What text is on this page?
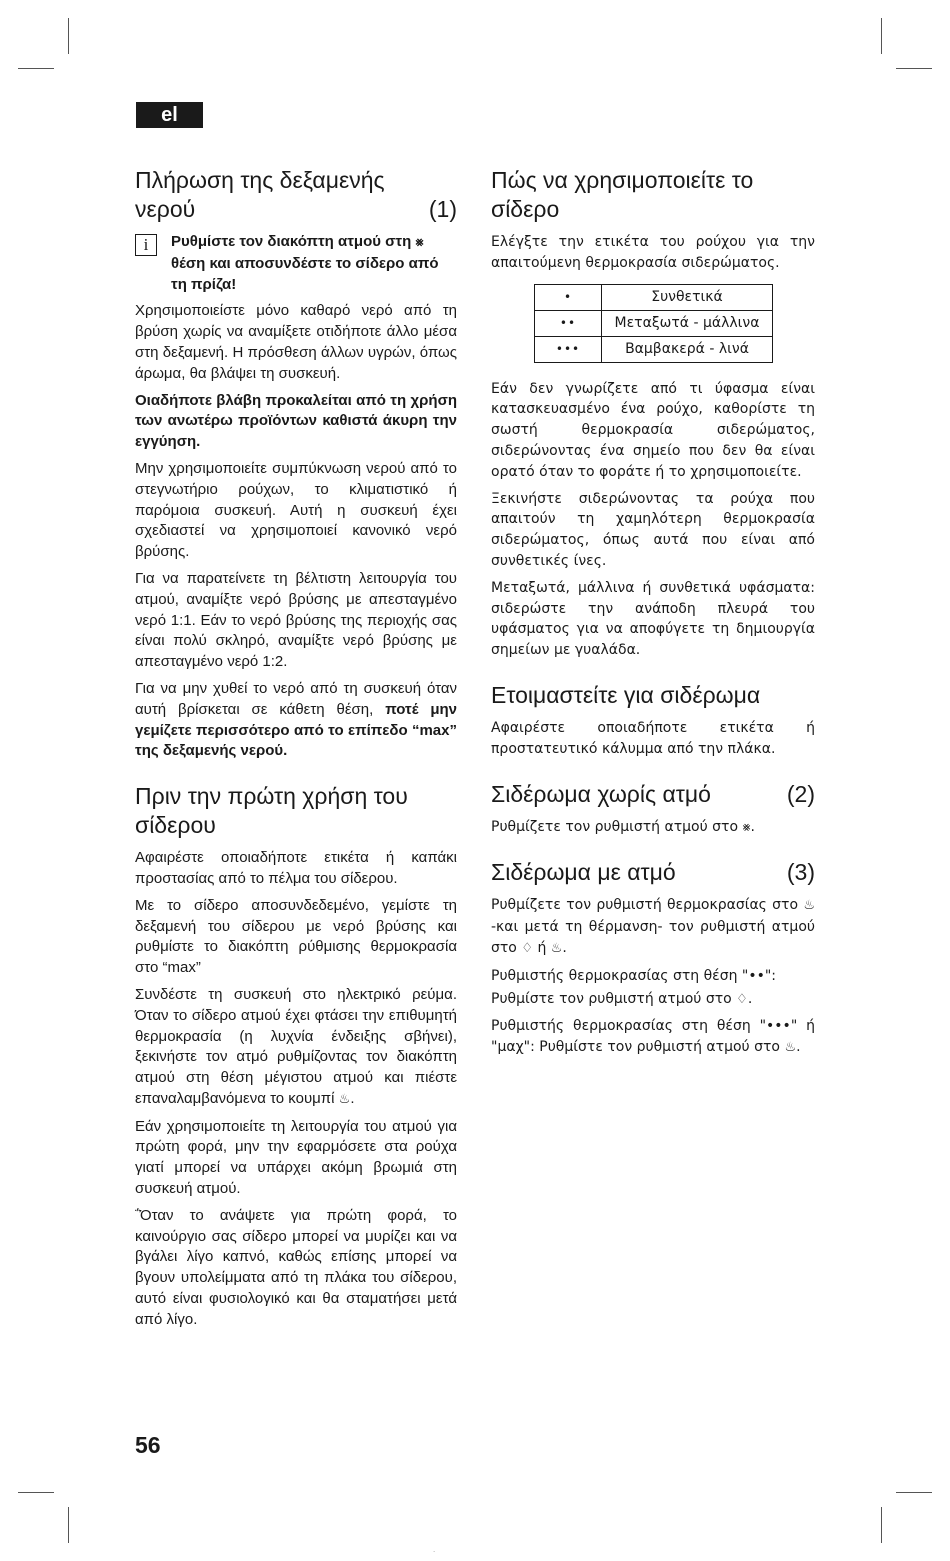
el
Πλήρωση της δεξαμενής νερού	(1)
i	Ρυθμίστε τον διακόπτη ατμού στη ⨳ θέση και αποσυνδέστε το σίδερο από τη πρίζα!

Χρησιμοποιείστε μόνο καθαρό νερό από τη βρύση χωρίς να αναμίξετε οτιδήποτε άλλο μέσα στη δεξαμενή. Η πρόσθεση άλλων υγρών, όπως άρωμα, θα βλάψει τη συσκευή.

Οιαδήποτε βλάβη προκαλείται από τη χρήση των ανωτέρω προϊόντων καθιστά άκυρη την εγγύηση.

Μην χρησιμοποιείτε συμπύκνωση νερού από το στεγνωτήριο ρούχων, το κλιματιστικό ή παρόμοια συσκευή. Αυτή η συσκευή έχει σχεδιαστεί να χρησιμοποιεί κανονικό νερό βρύσης.

Για να παρατείνετε τη βέλτιστη λειτουργία του ατμού, αναμίξτε νερό βρύσης με απεσταγμένο νερό 1:1. Εάν το νερό βρύσης της περιοχής σας είναι πολύ σκληρό, αναμίξτε νερό βρύσης με απεσταγμένο νερό 1:2.

Για να μην χυθεί το νερό από τη συσκευή όταν αυτή βρίσκεται σε κάθετη θέση, ποτέ μην γεμίζετε περισσότερο από το επίπεδο “max” της δεξαμενής νερού.

Πριν την πρώτη χρήση του σίδερου

Αφαιρέστε οποιαδήποτε ετικέτα ή καπάκι προστασίας από το πέλμα του σίδερου.

Με το σίδερο αποσυνδεδεμένο, γεμίστε τη δεξαμενή του σίδερου με νερό βρύσης και ρυθμίστε το διακόπτη ρύθμισης θερμοκρασία στο “max”

Συνδέστε τη συσκευή στο ηλεκτρικό ρεύμα. Όταν το σίδερο ατμού έχει φτάσει την επιθυμητή θερμοκρασία (η λυχνία ένδειξης σβήνει), ξεκινήστε τον ατμό ρυθμίζοντας τον διακόπτη ατμού στη θέση μέγιστου ατμού και πιέστε επαναλαμβανόμενα το κουμπί ♨.

Εάν χρησιμοποιείτε τη λειτουργία του ατμού για πρώτη φορά, μην την εφαρμόσετε στα ρούχα γιατί μπορεί να υπάρχει ακόμη βρωμιά στη συσκευή ατμού.

΅Όταν το ανάψετε για πρώτη φορά, το καινούργιο σας σίδερο μπορεί να μυρίζει και να βγάλει λίγο καπνό, καθώς επίσης μπορεί να βγουν υπολείμματα από τη πλάκα του σίδερου, αυτό είναι φυσιολογικό και θα σταματήσει μετά από λίγο.

Πώς να χρησιμοποιείτε το σίδερο

Ελέγξτε την ετικέτα του ρούχου για την απαιτούμενη θερμοκρασία σιδερώματος.

•	Συνθετικά
••	Μεταξωτά - μάλλινα
•••	Βαμβακερά - λινά

Εάν δεν γνωρίζετε από τι ύφασμα είναι κατασκευασμένο ένα ρούχο, καθορίστε τη σωστή θερμοκρασία σιδερώματος, σιδερώνοντας ένα σημείο που δεν θα είναι ορατό όταν το φοράτε ή το χρησιμοποιείτε.

Ξεκινήστε σιδερώνοντας τα ρούχα που απαιτούν τη χαμηλότερη θερμοκρασία σιδερώματος, όπως αυτά που είναι από συνθετικές ίνες.

Μεταξωτά, μάλλινα ή συνθετικά υφάσματα: σιδερώστε την ανάποδη πλευρά του υφάσματος για να αποφύγετε τη δημιουργία σημείων με γυαλάδα.

Ετοιμαστείτε για σιδέρωμα

Αφαιρέστε οποιαδήποτε ετικέτα ή προστατευτικό κάλυμμα από την πλάκα.

Σιδέρωμα χωρίς ατμό	(2)

Ρυθμίζετε τον ρυθμιστή ατμού στο ⨳.

Σιδέρωμα με ατμό	(3)

Ρυθμίζετε τον ρυθμιστή θερμοκρασίας στο ♨ -και μετά τη θέρμανση- τον ρυθμιστή ατμού στο ♢ ή ♨.

Ρυθμιστής θερμοκρασίας στη θέση "••":

Ρυθμίστε τον ρυθμιστή ατμού στο ♢.

Ρυθμιστής θερμοκρασίας στη θέση "•••" ή "μαχ": Ρυθμίστε τον ρυθμιστή ατμού στο ♨.

56
.
